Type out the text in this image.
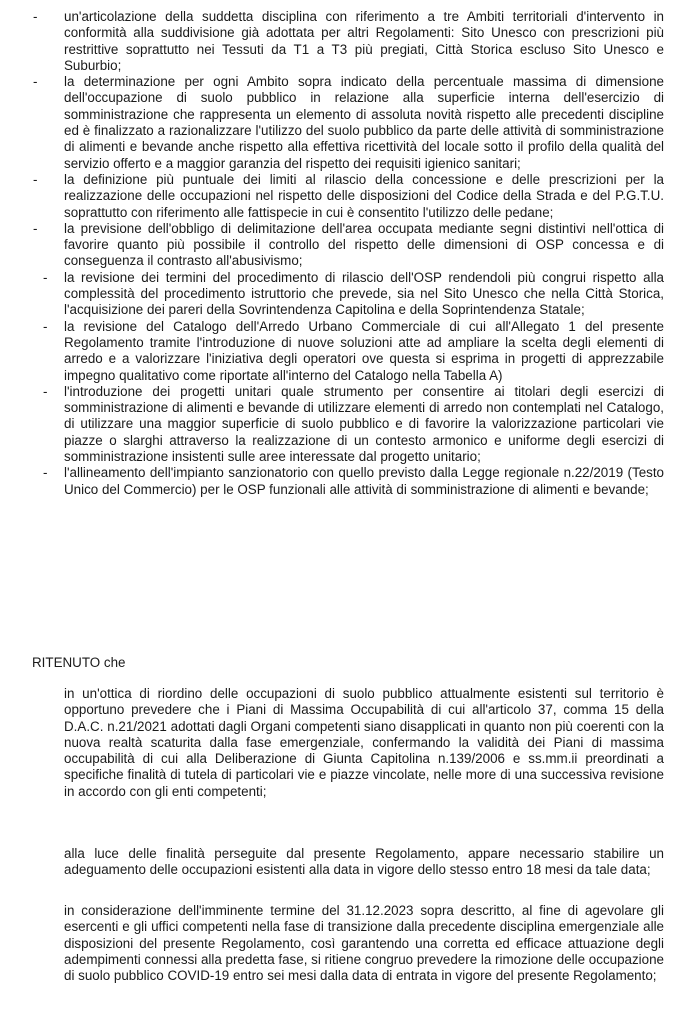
- un'articolazione della suddetta disciplina con riferimento a tre Ambiti territoriali d'intervento in conformità alla suddivisione già adottata per altri Regolamenti: Sito Unesco con prescrizioni più restrittive soprattutto nei Tessuti da T1 a T3 più pregiati, Città Storica escluso Sito Unesco e Suburbio;
- la determinazione per ogni Ambito sopra indicato della percentuale massima di dimensione dell'occupazione di suolo pubblico in relazione alla superficie interna dell'esercizio di somministrazione che rappresenta un elemento di assoluta novità rispetto alle precedenti discipline ed è finalizzato a razionalizzare l'utilizzo del suolo pubblico da parte delle attività di somministrazione di alimenti e bevande anche rispetto alla effettiva ricettività del locale sotto il profilo della qualità del servizio offerto e a maggior garanzia del rispetto dei requisiti igienico sanitari;
- la definizione più puntuale dei limiti al rilascio della concessione e delle prescrizioni per la realizzazione delle occupazioni nel rispetto delle disposizioni del Codice della Strada e del P.G.T.U. soprattutto con riferimento alle fattispecie in cui è consentito l'utilizzo delle pedane;
- la previsione dell'obbligo di delimitazione dell'area occupata mediante segni distintivi nell'ottica di favorire quanto più possibile il controllo del rispetto delle dimensioni di OSP concessa e di conseguenza il contrasto all'abusivismo;
- la revisione dei termini del procedimento di rilascio dell'OSP rendendoli più congrui rispetto alla complessità del procedimento istruttorio che prevede, sia nel Sito Unesco che nella Città Storica, l'acquisizione dei pareri della Sovrintendenza Capitolina e della Soprintendenza Statale;
- la revisione del Catalogo dell'Arredo Urbano Commerciale di cui all'Allegato 1 del presente Regolamento tramite l'introduzione di nuove soluzioni atte ad ampliare la scelta degli elementi di arredo e a valorizzare l'iniziativa degli operatori ove questa si esprima in progetti di apprezzabile impegno qualitativo come riportate all'interno del Catalogo nella Tabella A)
- l'introduzione dei progetti unitari quale strumento per consentire ai titolari degli esercizi di somministrazione di alimenti e bevande di utilizzare elementi di arredo non contemplati nel Catalogo, di utilizzare una maggior superficie di suolo pubblico e di favorire la valorizzazione particolari vie piazze o slarghi attraverso la realizzazione di un contesto armonico e uniforme degli esercizi di somministrazione insistenti sulle aree interessate dal progetto unitario;
- l'allineamento dell'impianto sanzionatorio con quello previsto dalla Legge regionale n.22/2019 (Testo Unico del Commercio) per le OSP funzionali alle attività di somministrazione di alimenti e bevande;
RITENUTO che

in un'ottica di riordino delle occupazioni di suolo pubblico attualmente esistenti sul territorio è opportuno prevedere che i Piani di Massima Occupabilità di cui all'articolo 37, comma 15 della D.A.C. n.21/2021 adottati dagli Organi competenti siano disapplicati in quanto non più coerenti con la nuova realtà scaturita dalla fase emergenziale, confermando la validità dei Piani di massima occupabilità di cui alla Deliberazione di Giunta Capitolina n.139/2006 e ss.mm.ii preordinati a specifiche finalità di tutela di particolari vie e piazze vincolate, nelle more di una successiva revisione in accordo con gli enti competenti;

alla luce delle finalità perseguite dal presente Regolamento, appare necessario stabilire un adeguamento delle occupazioni esistenti alla data in vigore dello stesso entro 18 mesi da tale data;

in considerazione dell'imminente termine del 31.12.2023 sopra descritto, al fine di agevolare gli esercenti e gli uffici competenti nella fase di transizione dalla precedente disciplina emergenziale alle disposizioni del presente Regolamento, così garantendo una corretta ed efficace attuazione degli adempimenti connessi alla predetta fase, si ritiene congruo prevedere la rimozione delle occupazione di suolo pubblico COVID-19 entro sei mesi dalla data di entrata in vigore del presente Regolamento;
